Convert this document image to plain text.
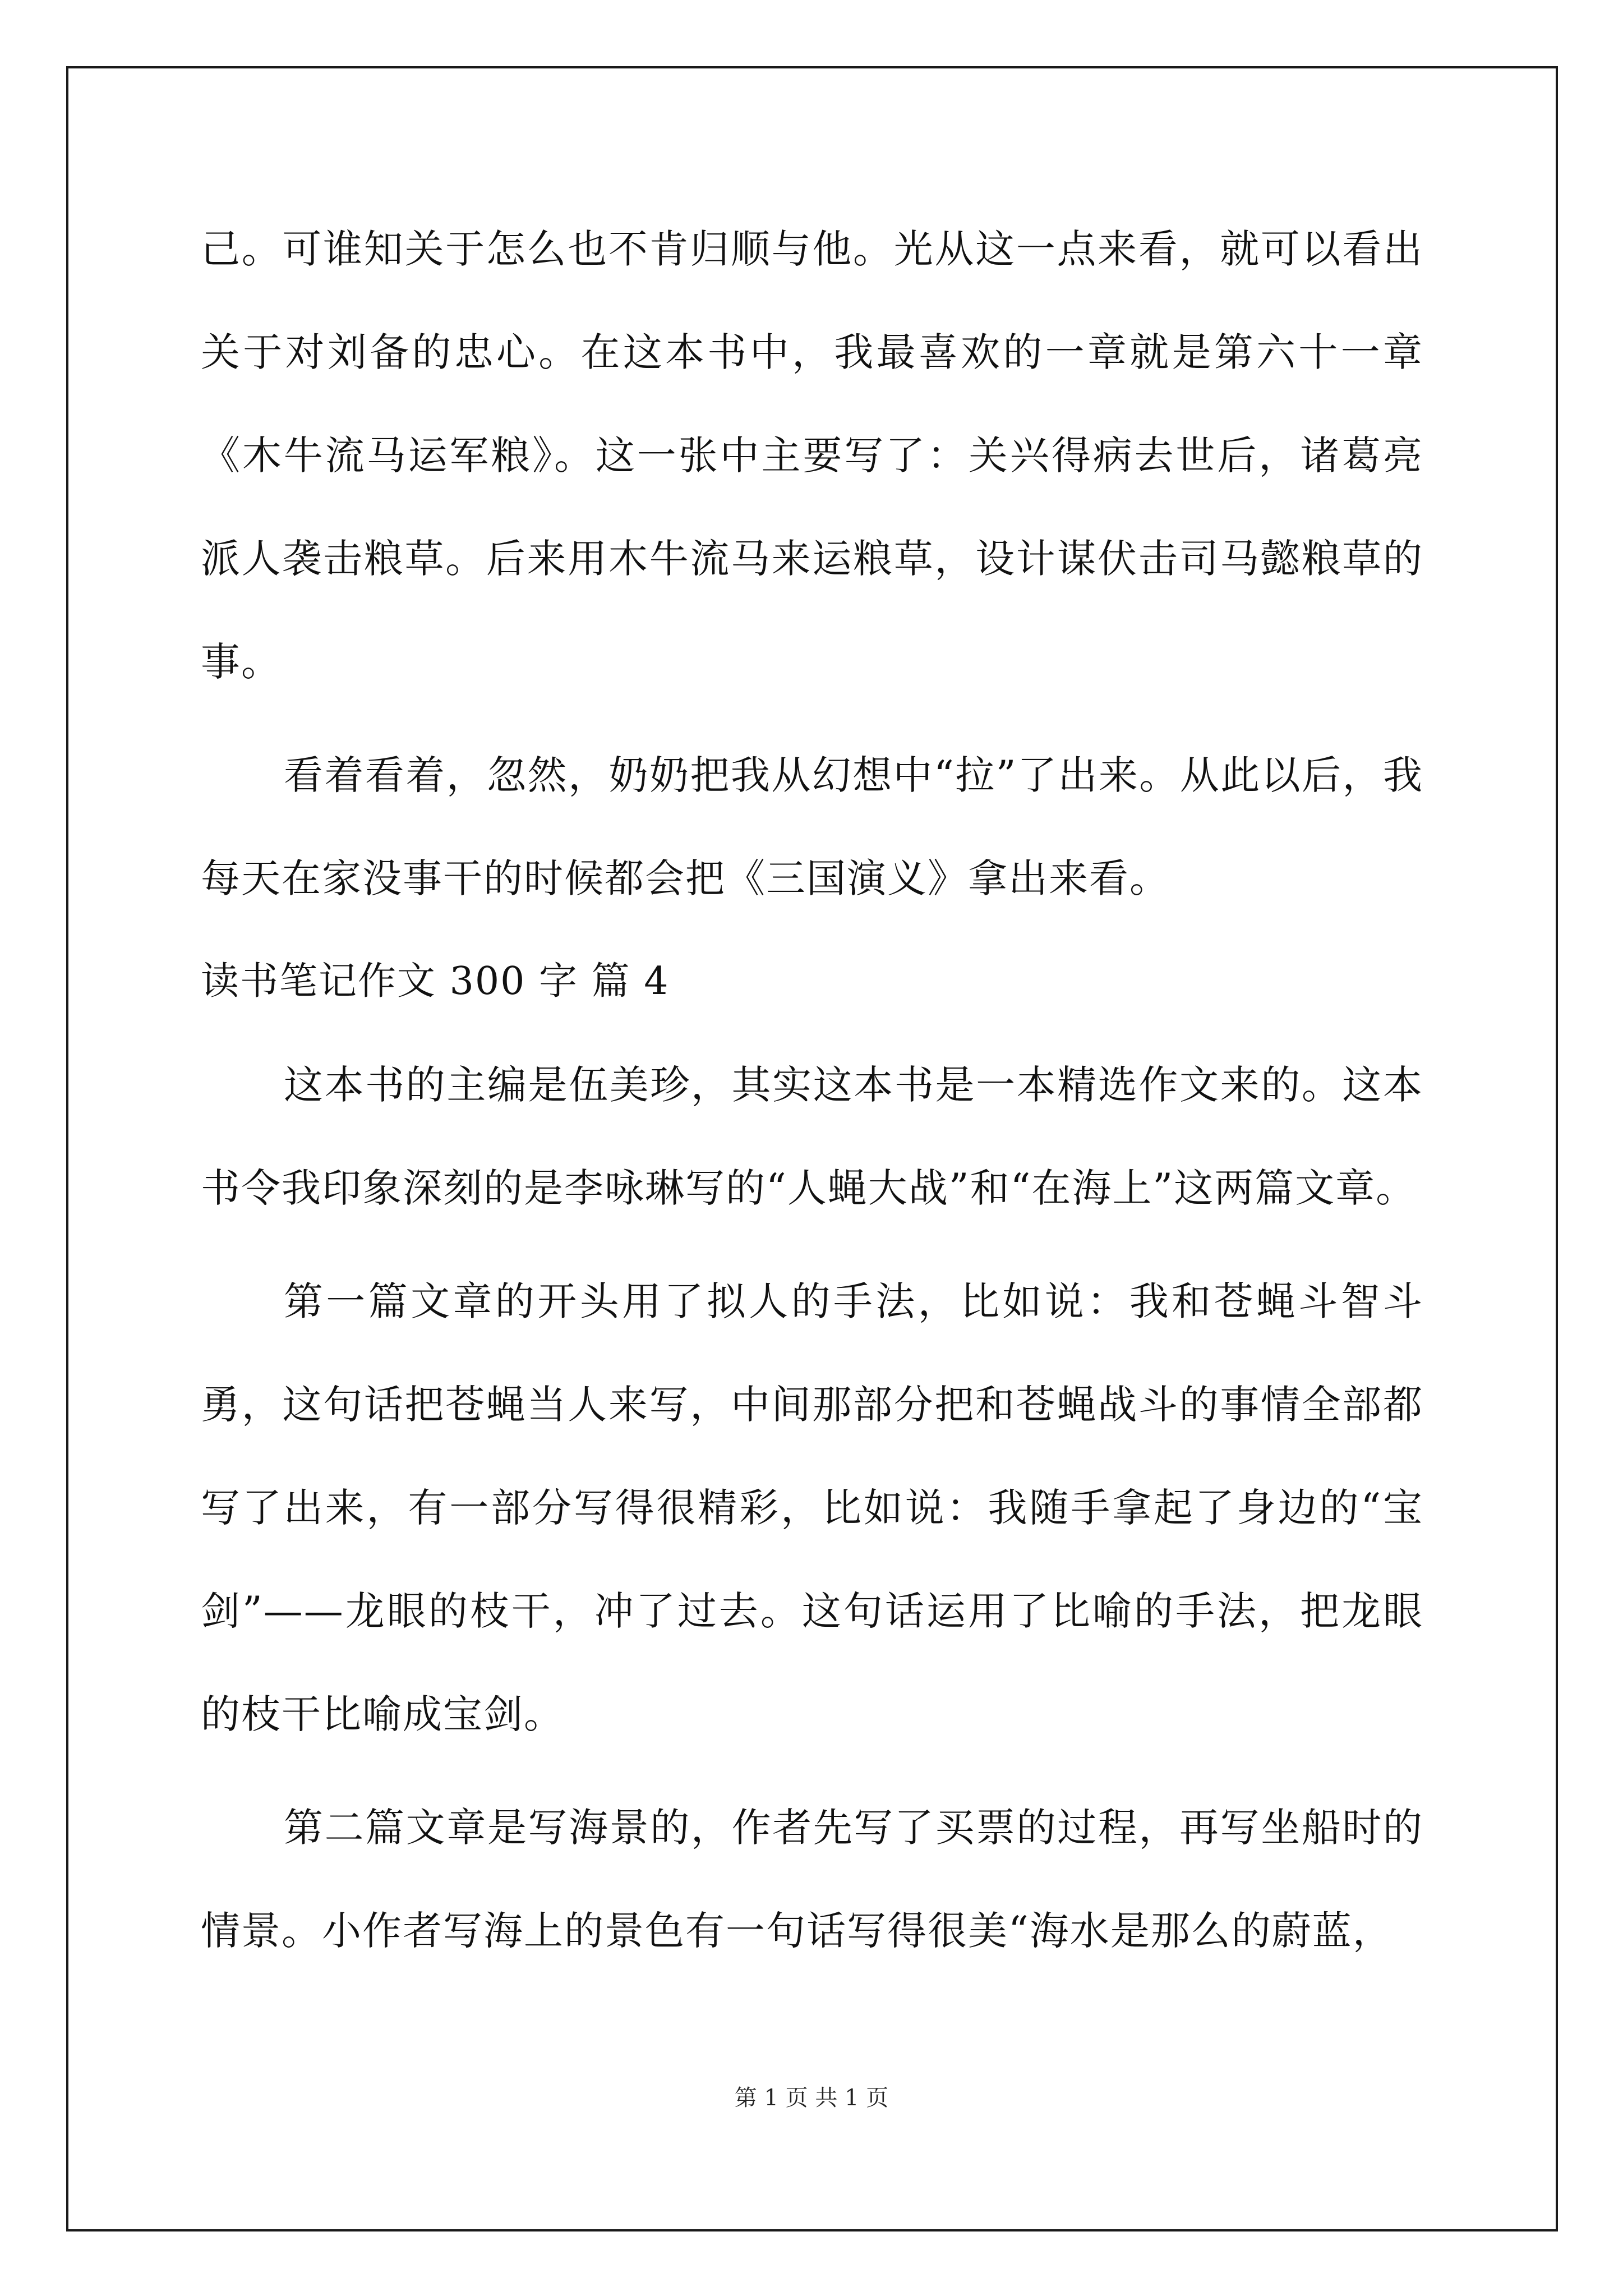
己。可谁知关于怎么也不肯归顺与他。光从这一点来看，就可以看出关于对刘备的忠心。在这本书中，我最喜欢的一章就是第六十一章《木牛流马运军粮》。这一张中主要写了：关兴得病去世后，诸葛亮派人袭击粮草。后来用木牛流马来运粮草，设计谋伏击司马懿粮草的事。

看着看着，忽然，奶奶把我从幻想中“拉”了出来。从此以后，我每天在家没事干的时候都会把《三国演义》拿出来看。

读书笔记作文 300 字 篇 4

这本书的主编是伍美珍，其实这本书是一本精选作文来的。这本书令我印象深刻的是李咏琳写的“人蝇大战”和“在海上”这两篇文章。

第一篇文章的开头用了拟人的手法，比如说：我和苍蝇斗智斗勇，这句话把苍蝇当人来写，中间那部分把和苍蝇战斗的事情全部都写了出来，有一部分写得很精彩，比如说：我随手拿起了身边的“宝剑”——龙眼的枝干，冲了过去。这句话运用了比喻的手法，把龙眼的枝干比喻成宝剑。

第二篇文章是写海景的，作者先写了买票的过程，再写坐船时的情景。小作者写海上的景色有一句话写得很美“海水是那么的蔚蓝，

第 1 页 共 1 页
